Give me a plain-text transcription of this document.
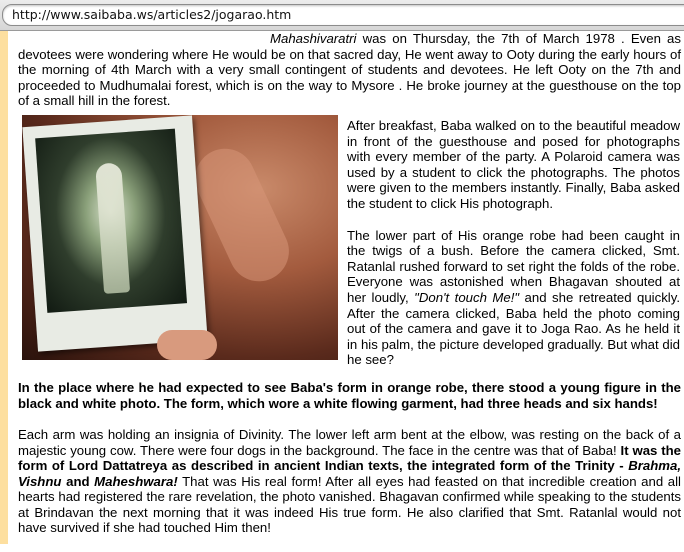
http://www.saibaba.ws/articles2/jogarao.htm

Mahashivaratri was on Thursday, the 7th of March 1978 . Even as devotees were wondering where He would be on that sacred day, He went away to Ooty during the early hours of the morning of 4th March with a very small contingent of students and devotees. He left Ooty on the 7th and proceeded to Mudhumalai forest, which is on the way to Mysore . He broke journey at the guesthouse on the top of a small hill in the forest.

After breakfast, Baba walked on to the beautiful meadow in front of the guesthouse and posed for photographs with every member of the party. A Polaroid camera was used by a student to click the photographs. The photos were given to the members instantly. Finally, Baba asked the student to click His photograph.

The lower part of His orange robe had been caught in the twigs of a bush. Before the camera clicked, Smt. Ratanlal rushed forward to set right the folds of the robe. Everyone was astonished when Bhagavan shouted at her loudly, "Don't touch Me!" and she retreated quickly. After the camera clicked, Baba held the photo coming out of the camera and gave it to Joga Rao. As he held it in his palm, the picture developed gradually. But what did he see?

In the place where he had expected to see Baba's form in orange robe, there stood a young figure in the black and white photo. The form, which wore a white flowing garment, had three heads and six hands!

Each arm was holding an insignia of Divinity. The lower left arm bent at the elbow, was resting on the back of a majestic young cow. There were four dogs in the background. The face in the centre was that of Baba! It was the form of Lord Dattatreya as described in ancient Indian texts, the integrated form of the Trinity - Brahma, Vishnu and Maheshwara! That was His real form! After all eyes had feasted on that incredible creation and all hearts had registered the rare revelation, the photo vanished. Bhagavan confirmed while speaking to the students at Brindavan the next morning that it was indeed His true form. He also clarified that Smt. Ratanlal would not have survived if she had touched Him then!
